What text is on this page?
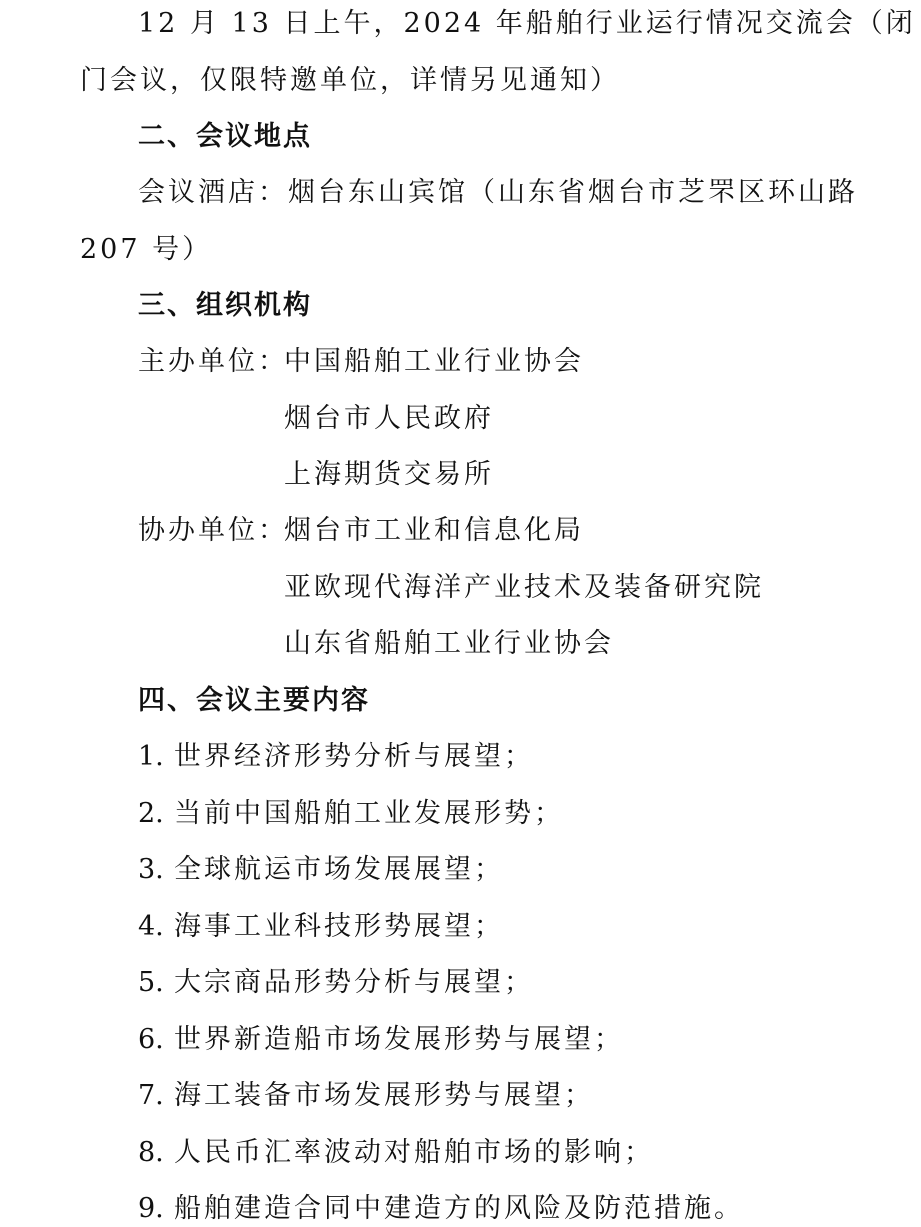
12 月 13 日上午，2024 年船舶行业运行情况交流会（闭
门会议，仅限特邀单位，详情另见通知）
二、会议地点
会议酒店：烟台东山宾馆（山东省烟台市芝罘区环山路
207 号）
三、组织机构
主办单位：
中国船舶工业行业协会
烟台市人民政府
上海期货交易所
协办单位：
烟台市工业和信息化局
亚欧现代海洋产业技术及装备研究院
山东省船舶工业行业协会
四、会议主要内容
1. 世界经济形势分析与展望；
2. 当前中国船舶工业发展形势；
3. 全球航运市场发展展望；
4. 海事工业科技形势展望；
5. 大宗商品形势分析与展望；
6. 世界新造船市场发展形势与展望；
7. 海工装备市场发展形势与展望；
8. 人民币汇率波动对船舶市场的影响；
9. 船舶建造合同中建造方的风险及防范措施。
